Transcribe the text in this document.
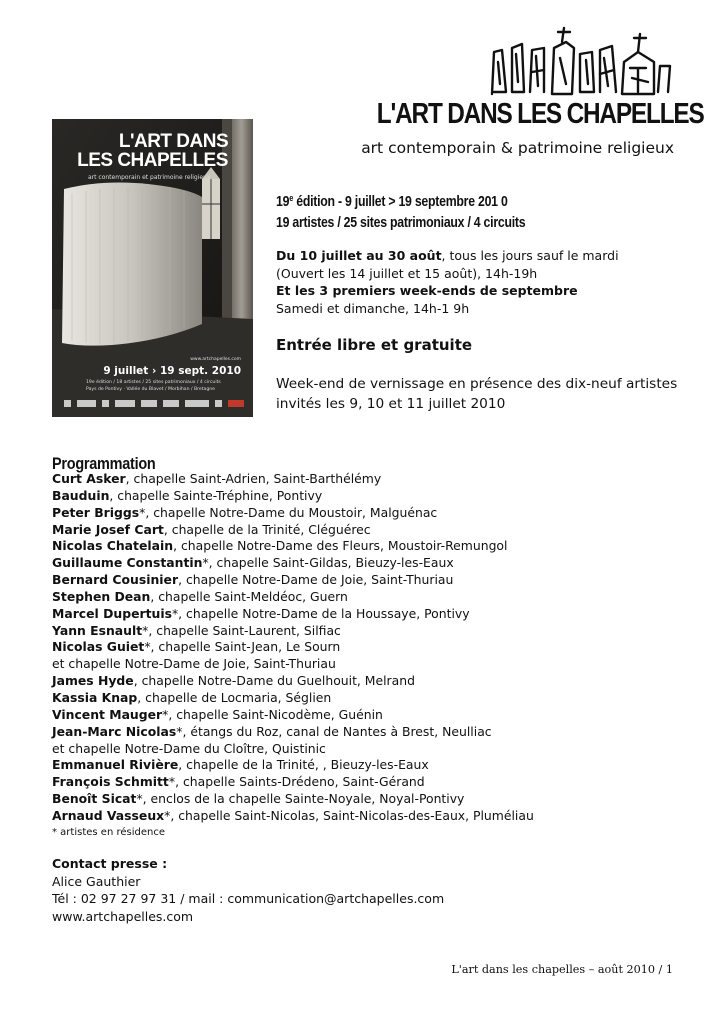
L'ART DANS LES CHAPELLES
art contemporain & patrimoine religieux
L'ART DANS
LES CHAPELLES
art contemporain et patrimoine religieux
www.artchapelles.com
9 juillet › 19 sept. 2010
19e édition / 18 artistes / 25 sites patrimoniaux / 4 circuits
Pays de Pontivy · Vallée du Blavet / Morbihan / Bretagne
19e édition - 9 juillet > 19 septembre 201 0
19 artistes / 25 sites patrimoniaux / 4 circuits
Du 10 juillet au 30 août, tous les jours sauf le mardi
(Ouvert les 14 juillet et 15 août), 14h-19h
Et les 3 premiers week-ends de septembre
Samedi et dimanche, 14h-1 9h
Entrée libre et gratuite
Week-end de vernissage en présence des dix-neuf artistes
invités les 9, 10 et 11 juillet 2010
Programmation
Curt Asker, chapelle Saint-Adrien, Saint-Barthélémy
Bauduin, chapelle Sainte-Tréphine, Pontivy
Peter Briggs*, chapelle Notre-Dame du Moustoir, Malguénac
Marie Josef Cart, chapelle de la Trinité, Cléguérec
Nicolas Chatelain, chapelle Notre-Dame des Fleurs, Moustoir-Remungol
Guillaume Constantin*, chapelle Saint-Gildas, Bieuzy-les-Eaux
Bernard Cousinier, chapelle Notre-Dame de Joie, Saint-Thuriau
Stephen Dean, chapelle Saint-Meldéoc, Guern
Marcel Dupertuis*, chapelle Notre-Dame de la Houssaye, Pontivy
Yann Esnault*, chapelle Saint-Laurent, Silfiac
Nicolas Guiet*, chapelle Saint-Jean, Le Sourn
et chapelle Notre-Dame de Joie, Saint-Thuriau
James Hyde, chapelle Notre-Dame du Guelhouit, Melrand
Kassia Knap, chapelle de Locmaria, Séglien
Vincent Mauger*, chapelle Saint-Nicodème, Guénin
Jean-Marc Nicolas*, étangs du Roz, canal de Nantes à Brest, Neulliac
et chapelle Notre-Dame du Cloître, Quistinic
Emmanuel Rivière, chapelle de la Trinité, , Bieuzy-les-Eaux
François Schmitt*, chapelle Saints-Drédeno, Saint-Gérand
Benoît Sicat*, enclos de la chapelle Sainte-Noyale, Noyal-Pontivy
Arnaud Vasseux*, chapelle Saint-Nicolas, Saint-Nicolas-des-Eaux, Pluméliau
* artistes en résidence
Contact presse :
Alice Gauthier
Tél : 02 97 27 97 31 / mail : communication@artchapelles.com
www.artchapelles.com
L'art dans les chapelles – août 2010 / 1
